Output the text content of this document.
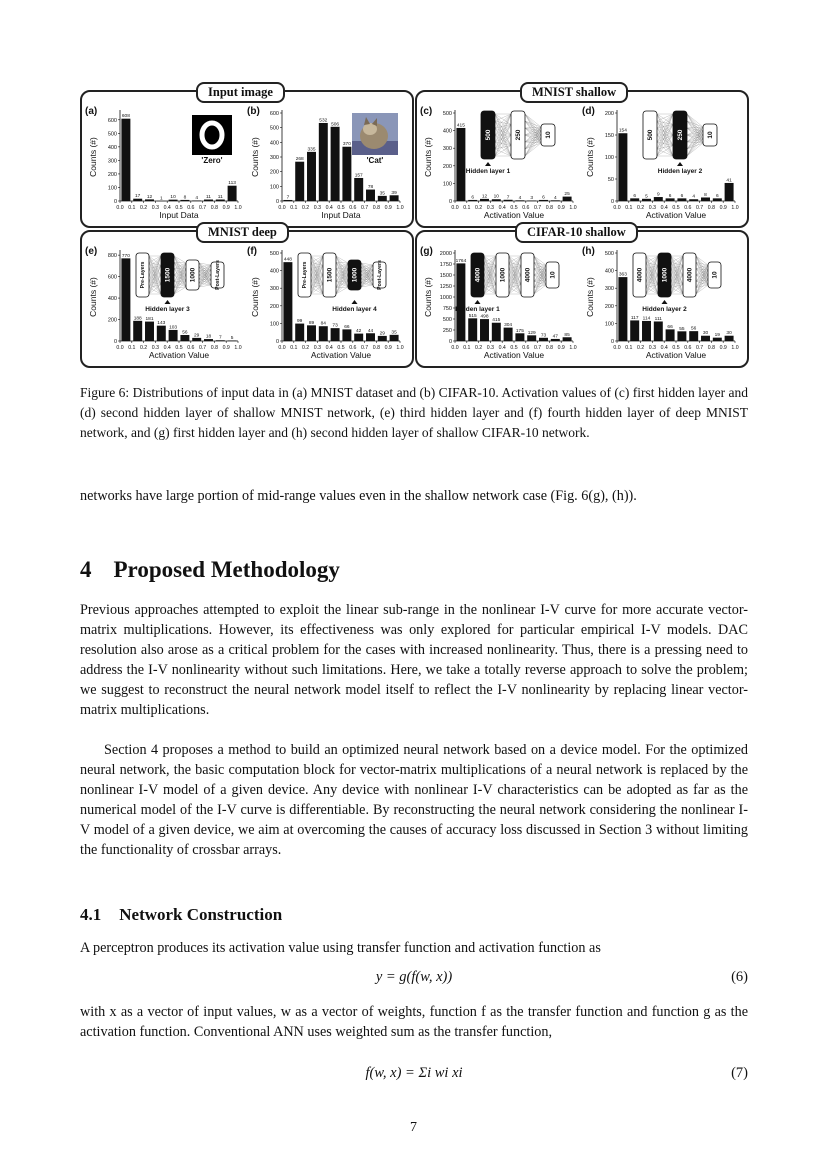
Input image	MNIST shallow
MNIST deep	CIFAR-10 shallow
(a)
0
100
200
300
400
500
600
0.0 0.1 0.2 0.3 0.4 0.5 0.6 0.7 0.8 0.9 1.0
Input Data
Counts (#)
608
17 12 1 10 8 4 11 11
113
'Zero'
(b)
0
100
200
300
400
500
600
0.0 0.1 0.2 0.3 0.4 0.5 0.6 0.7 0.8 0.9 1.0
Input Data
Counts (#)
7
268
335
532
506
370
157
78
35 39
'Cat'
(c)
0
100
200
300
400
500
0.0 0.1 0.2 0.3 0.4 0.5 0.6 0.7 0.8 0.9 1.0
Activation Value
Counts (#)
415
6 12 10 7 4 3 6 4
25
500	250	10
Hidden layer 1
(d)
0
50
100
150
200
0.0 0.1 0.2 0.3 0.4 0.5 0.6 0.7 0.8 0.9 1.0
Activation Value
Counts (#)
154
6 5 9 6 6 4 8 6
41
500	250	10
Hidden layer 2
(e)
0
200
400
600
800
0.0 0.1 0.2 0.3 0.4 0.5 0.6 0.7 0.8 0.9 1.0
Activation Value
Counts (#)
770
188 181
143
103
56
29 18 7 5
Pre-Layers	1500	1000	Post-Layers
Hidden layer 3
(f)
0
100
200
300
400
500
0.0 0.1 0.2 0.3 0.4 0.5 0.6 0.7 0.8 0.9 1.0
Activation Value
Counts (#)
448
99 89 84 73 66
42 44
29 35
Pre-Layers	1500	1000	Post-Layers
Hidden layer 4
(g)
0
250
500
750
1000
1250
1500
1750
2000
0.0 0.1 0.2 0.3 0.4 0.5 0.6 0.7 0.8 0.9 1.0
Activation Value
Counts (#)
1764
515 498
415
304
175 129 73 47 85
4000	1000	4000	10
Hidden layer 1
(h)
0
100
200
300
400
500
0.0 0.1 0.2 0.3 0.4 0.5 0.6 0.7 0.8 0.9 1.0
Activation Value
Counts (#)
363
117 114 111
66 55 56
30 19 30
4000	1000	4000	10
Hidden layer 2
Figure 6: Distributions of input data in (a) MNIST dataset and (b) CIFAR-10. Activation values of (c) first hidden layer and (d) second hidden layer of shallow MNIST network, (e) third hidden layer and (f) fourth hidden layer of deep MNIST network, and (g) first hidden layer and (h) second hidden layer of shallow CIFAR-10 network.

networks have large portion of mid-range values even in the shallow network case (Fig. 6(g), (h)).

4 Proposed Methodology

Previous approaches attempted to exploit the linear sub-range in the nonlinear I-V curve for more accurate vector-matrix multiplications. However, its effectiveness was only explored for particular empirical I-V models. DAC resolution also arose as a critical problem for the cases with increased nonlinearity. Thus, there is a pressing need to address the I-V nonlinearity without such limitations. Here, we take a totally reverse approach to solve the problem; we suggest to reconstruct the neural network model itself to reflect the I-V nonlinearity by replacing linear vector-matrix multiplications.

Section 4 proposes a method to build an optimized neural network based on a device model. For the optimized neural network, the basic computation block for vector-matrix multiplications of a neural network is replaced by the nonlinear I-V model of a given device. Any device with nonlinear I-V characteristics can be adopted as far as the numerical model of the I-V curve is differentiable. By reconstructing the neural network considering the nonlinear I-V model of a given device, we aim at overcoming the causes of accuracy loss discussed in Section 3 without limiting the functionality of crossbar arrays.

4.1 Network Construction

A perceptron produces its activation value using transfer function and activation function as

y = g(f(w, x))	(6)

with x as a vector of input values, w as a vector of weights, function f as the transfer function and function g as the activation function. Conventional ANN uses weighted sum as the transfer function,

f(w, x) = Σi wi xi	(7)
7
